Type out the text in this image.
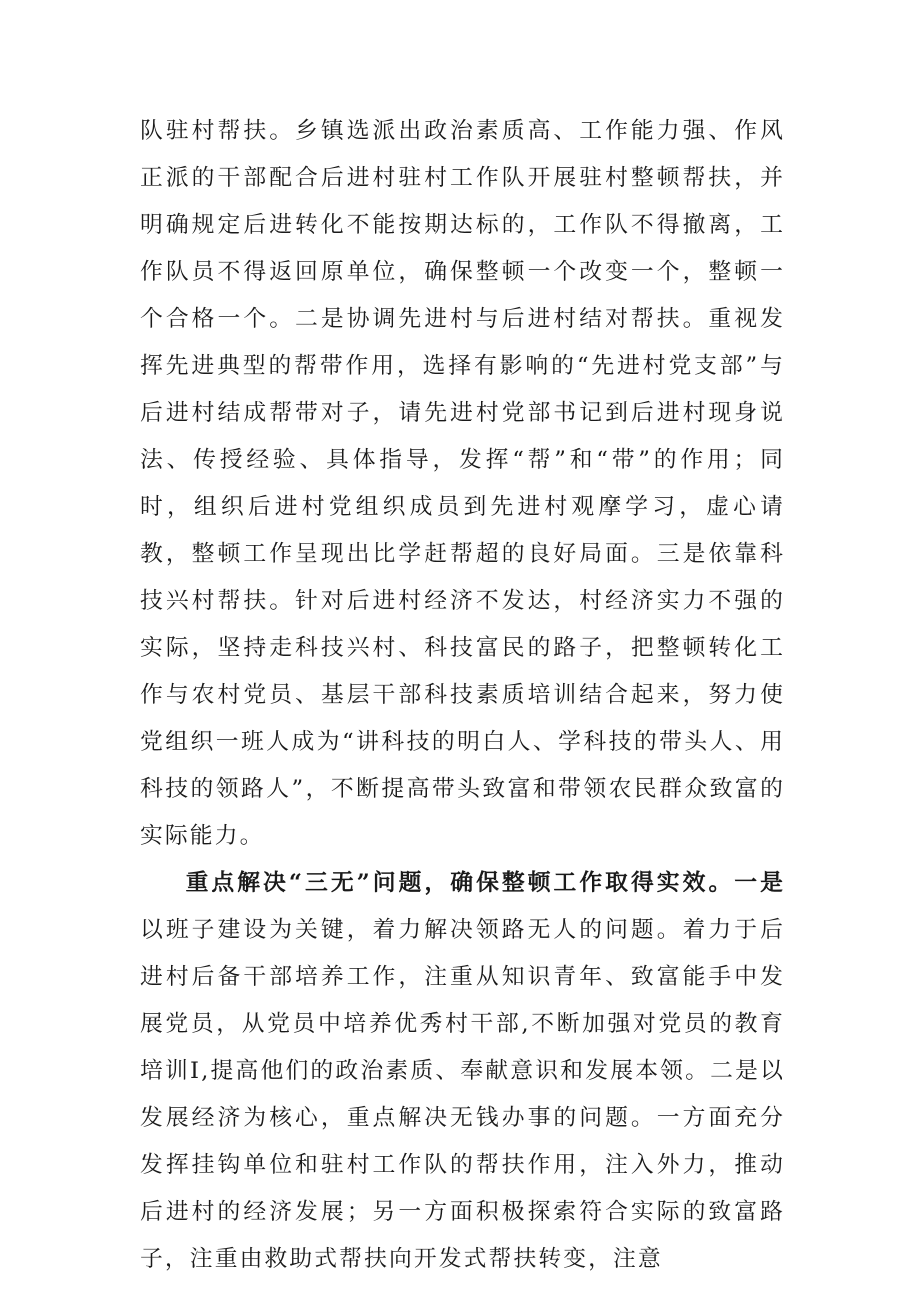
队驻村帮扶。乡镇选派出政治素质高、工作能力强、作风正派的干部配合后进村驻村工作队开展驻村整顿帮扶，并明确规定后进转化不能按期达标的，工作队不得撤离，工作队员不得返回原单位，确保整顿一个改变一个，整顿一个合格一个。二是协调先进村与后进村结对帮扶。重视发挥先进典型的帮带作用，选择有影响的“先进村党支部”与后进村结成帮带对子，请先进村党部书记到后进村现身说法、传授经验、具体指导，发挥“帮”和“带”的作用；同时，组织后进村党组织成员到先进村观摩学习，虚心请教，整顿工作呈现出比学赶帮超的良好局面。三是依靠科技兴村帮扶。针对后进村经济不发达，村经济实力不强的实际，坚持走科技兴村、科技富民的路子，把整顿转化工作与农村党员、基层干部科技素质培训结合起来，努力使党组织一班人成为“讲科技的明白人、学科技的带头人、用科技的领路人”，不断提高带头致富和带领农民群众致富的实际能力。

重点解决“三无”问题，确保整顿工作取得实效。一是以班子建设为关键，着力解决领路无人的问题。着力于后进村后备干部培养工作，注重从知识青年、致富能手中发展党员，从党员中培养优秀村干部,不断加强对党员的教育培训I,提高他们的政治素质、奉献意识和发展本领。二是以发展经济为核心，重点解决无钱办事的问题。一方面充分发挥挂钩单位和驻村工作队的帮扶作用，注入外力，推动后进村的经济发展；另一方面积极探索符合实际的致富路子，注重由救助式帮扶向开发式帮扶转变，注意
